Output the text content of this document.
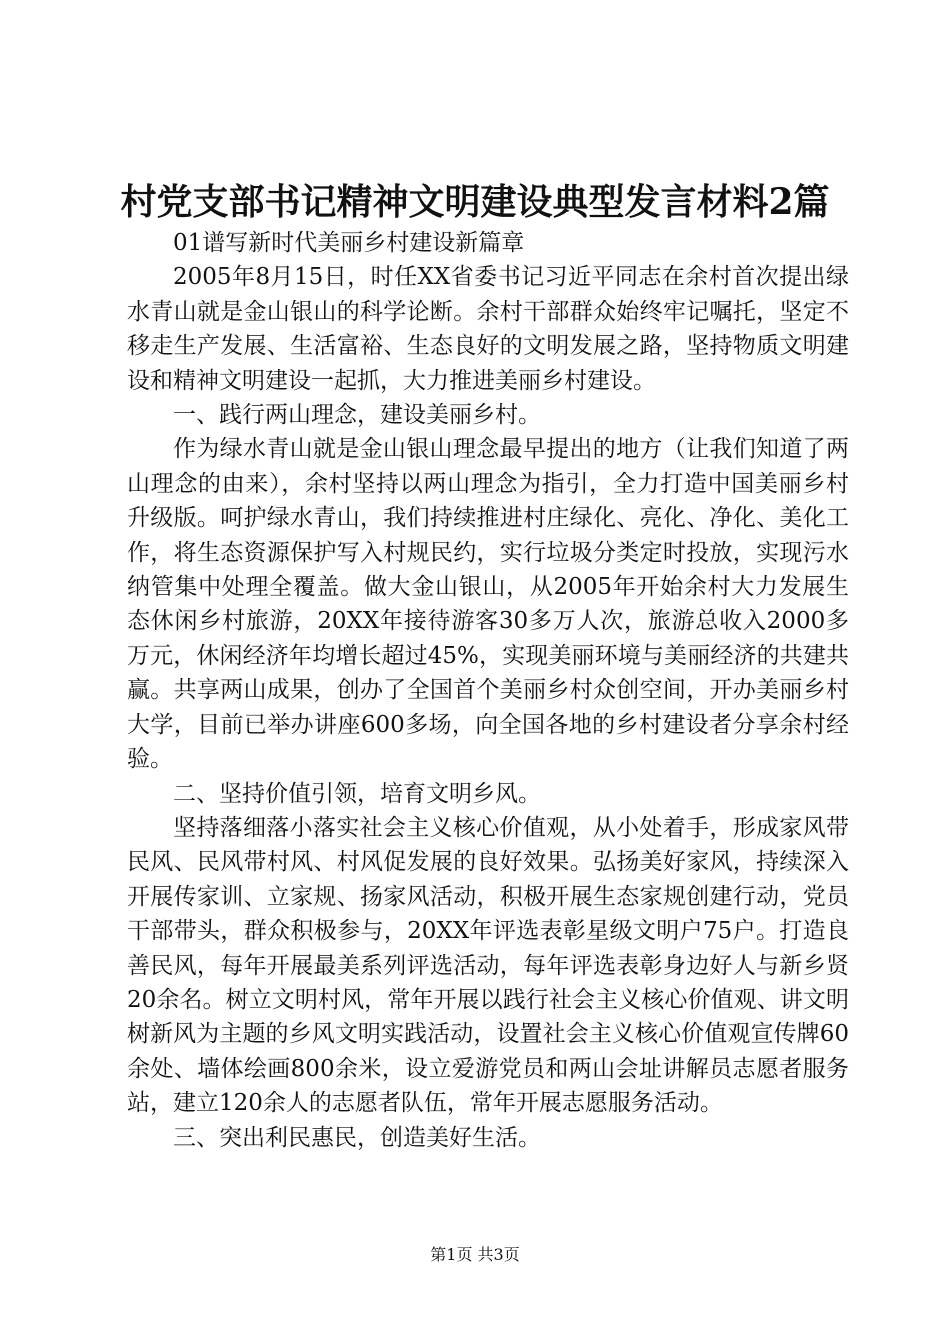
村党支部书记精神文明建设典型发言材料2篇

01谱写新时代美丽乡村建设新篇章

2005年8月15日，时任XX省委书记习近平同志在余村首次提出绿水青山就是金山银山的科学论断。余村干部群众始终牢记嘱托，坚定不移走生产发展、生活富裕、生态良好的文明发展之路，坚持物质文明建设和精神文明建设一起抓，大力推进美丽乡村建设。

一、践行两山理念，建设美丽乡村。

作为绿水青山就是金山银山理念最早提出的地方（让我们知道了两山理念的由来），余村坚持以两山理念为指引，全力打造中国美丽乡村升级版。呵护绿水青山，我们持续推进村庄绿化、亮化、净化、美化工作，将生态资源保护写入村规民约，实行垃圾分类定时投放，实现污水纳管集中处理全覆盖。做大金山银山，从2005年开始余村大力发展生态休闲乡村旅游，20XX年接待游客30多万人次，旅游总收入2000多万元，休闲经济年均增长超过45%，实现美丽环境与美丽经济的共建共赢。共享两山成果，创办了全国首个美丽乡村众创空间，开办美丽乡村大学，目前已举办讲座600多场，向全国各地的乡村建设者分享余村经验。

二、坚持价值引领，培育文明乡风。

坚持落细落小落实社会主义核心价值观，从小处着手，形成家风带民风、民风带村风、村风促发展的良好效果。弘扬美好家风，持续深入开展传家训、立家规、扬家风活动，积极开展生态家规创建行动，党员干部带头，群众积极参与，20XX年评选表彰星级文明户75户。打造良善民风，每年开展最美系列评选活动，每年评选表彰身边好人与新乡贤20余名。树立文明村风，常年开展以践行社会主义核心价值观、讲文明树新风为主题的乡风文明实践活动，设置社会主义核心价值观宣传牌60余处、墙体绘画800余米，设立爱游党员和两山会址讲解员志愿者服务站，建立120余人的志愿者队伍，常年开展志愿服务活动。

三、突出利民惠民，创造美好生活。

第1页 共3页
